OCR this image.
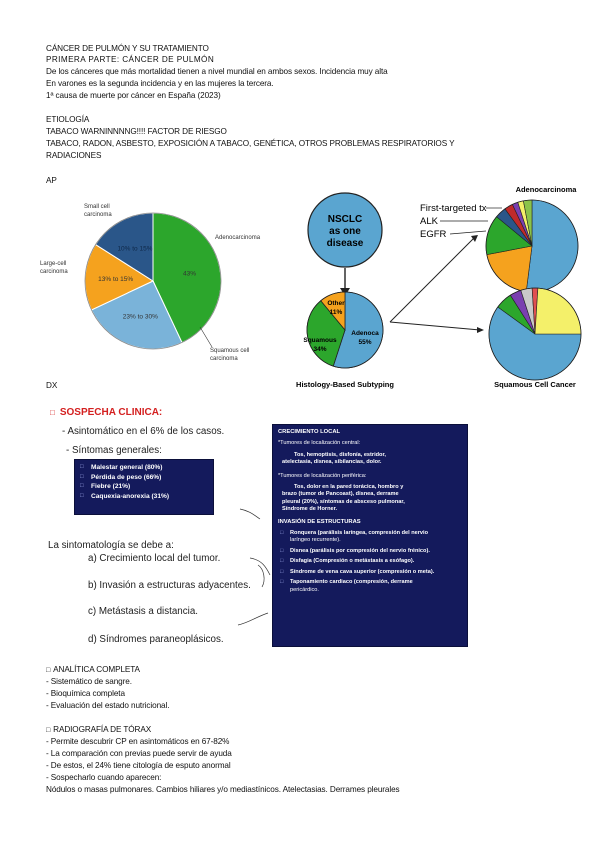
CÁNCER DE PULMÓN Y SU TRATAMIENTO
PRIMERA PARTE: CÁNCER DE PULMÓN
De los cánceres que más mortalidad tienen a nivel mundial en ambos sexos. Incidencia muy alta
En varones es la segunda incidencia y en las mujeres la tercera.
1ª causa de muerte por cáncer en España (2023)
ETIOLOGÍA
TABACO WARNINNNNG!!!! FACTOR DE RIESGO
TABACO, RADON, ASBESTO, EXPOSICIÓN A TABACO, GENÉTICA, OTROS PROBLEMAS RESPIRATORIOS Y
RADIACIONES
AP
43%
23% to 30%
13% to 15%
10% to 15%
Small cell
carcinoma
Large-cell
carcinoma
Adenocarcinoma
Squamous cell
carcinoma
NSCLC
as one
disease
Other
11%
Adenoca
55%
Squamous
34%
Histology-Based Subtyping
Adenocarcinoma
First-targeted tx
ALK
EGFR
Squamous Cell Cancer
DX
□ SOSPECHA CLINICA:
- Asintomático en el 6% de los casos.
- Síntomas generales:
□ Malestar general (80%)
□ Pérdida de peso (66%)
□ Fiebre (21%)
□ Caquexia-anorexia (31%)
La sintomatología se debe a:
a) Crecimiento local del tumor.
b) Invasión a estructuras adyacentes.
c) Metástasis a distancia.
d) Síndromes paraneoplásicos.
CRECIMIENTO LOCAL
*Tumores de localización central:
Tos, hemoptisis, disfonía, estridor,
atelectasia, disnea, sibilancias, dolor.
*Tumores de localización periférica:
Tos, dolor en la pared torácica, hombro y
brazo (tumor de Pancoast), disnea, derrame
pleural (20%), síntomas de absceso pulmonar,
Síndrome de Horner.
INVASIÓN DE ESTRUCTURAS
□ Ronquera (parálisis laríngea, compresión del nervio
laríngeo recurrente).
□ Disnea (parálisis por compresión del nervio frénico).
□ Disfagia (Compresión o metástasis a esófago).
□ Síndrome de vena cava superior (compresión o meta).
□ Taponamiento cardiaco (compresión, derrame
pericárdico.
□ ANALÍTICA COMPLETA
- Sistemático de sangre.
- Bioquímica completa
- Evaluación del estado nutricional.
□ RADIOGRAFÍA DE TÓRAX
- Permite descubrir CP en asintomáticos en 67-82%
- La comparación con previas puede servir de ayuda
- De estos, el 24% tiene citología de esputo anormal
- Sospecharlo cuando aparecen:
Nódulos o masas pulmonares. Cambios hiliares y/o mediastínicos. Atelectasias. Derrames pleurales
